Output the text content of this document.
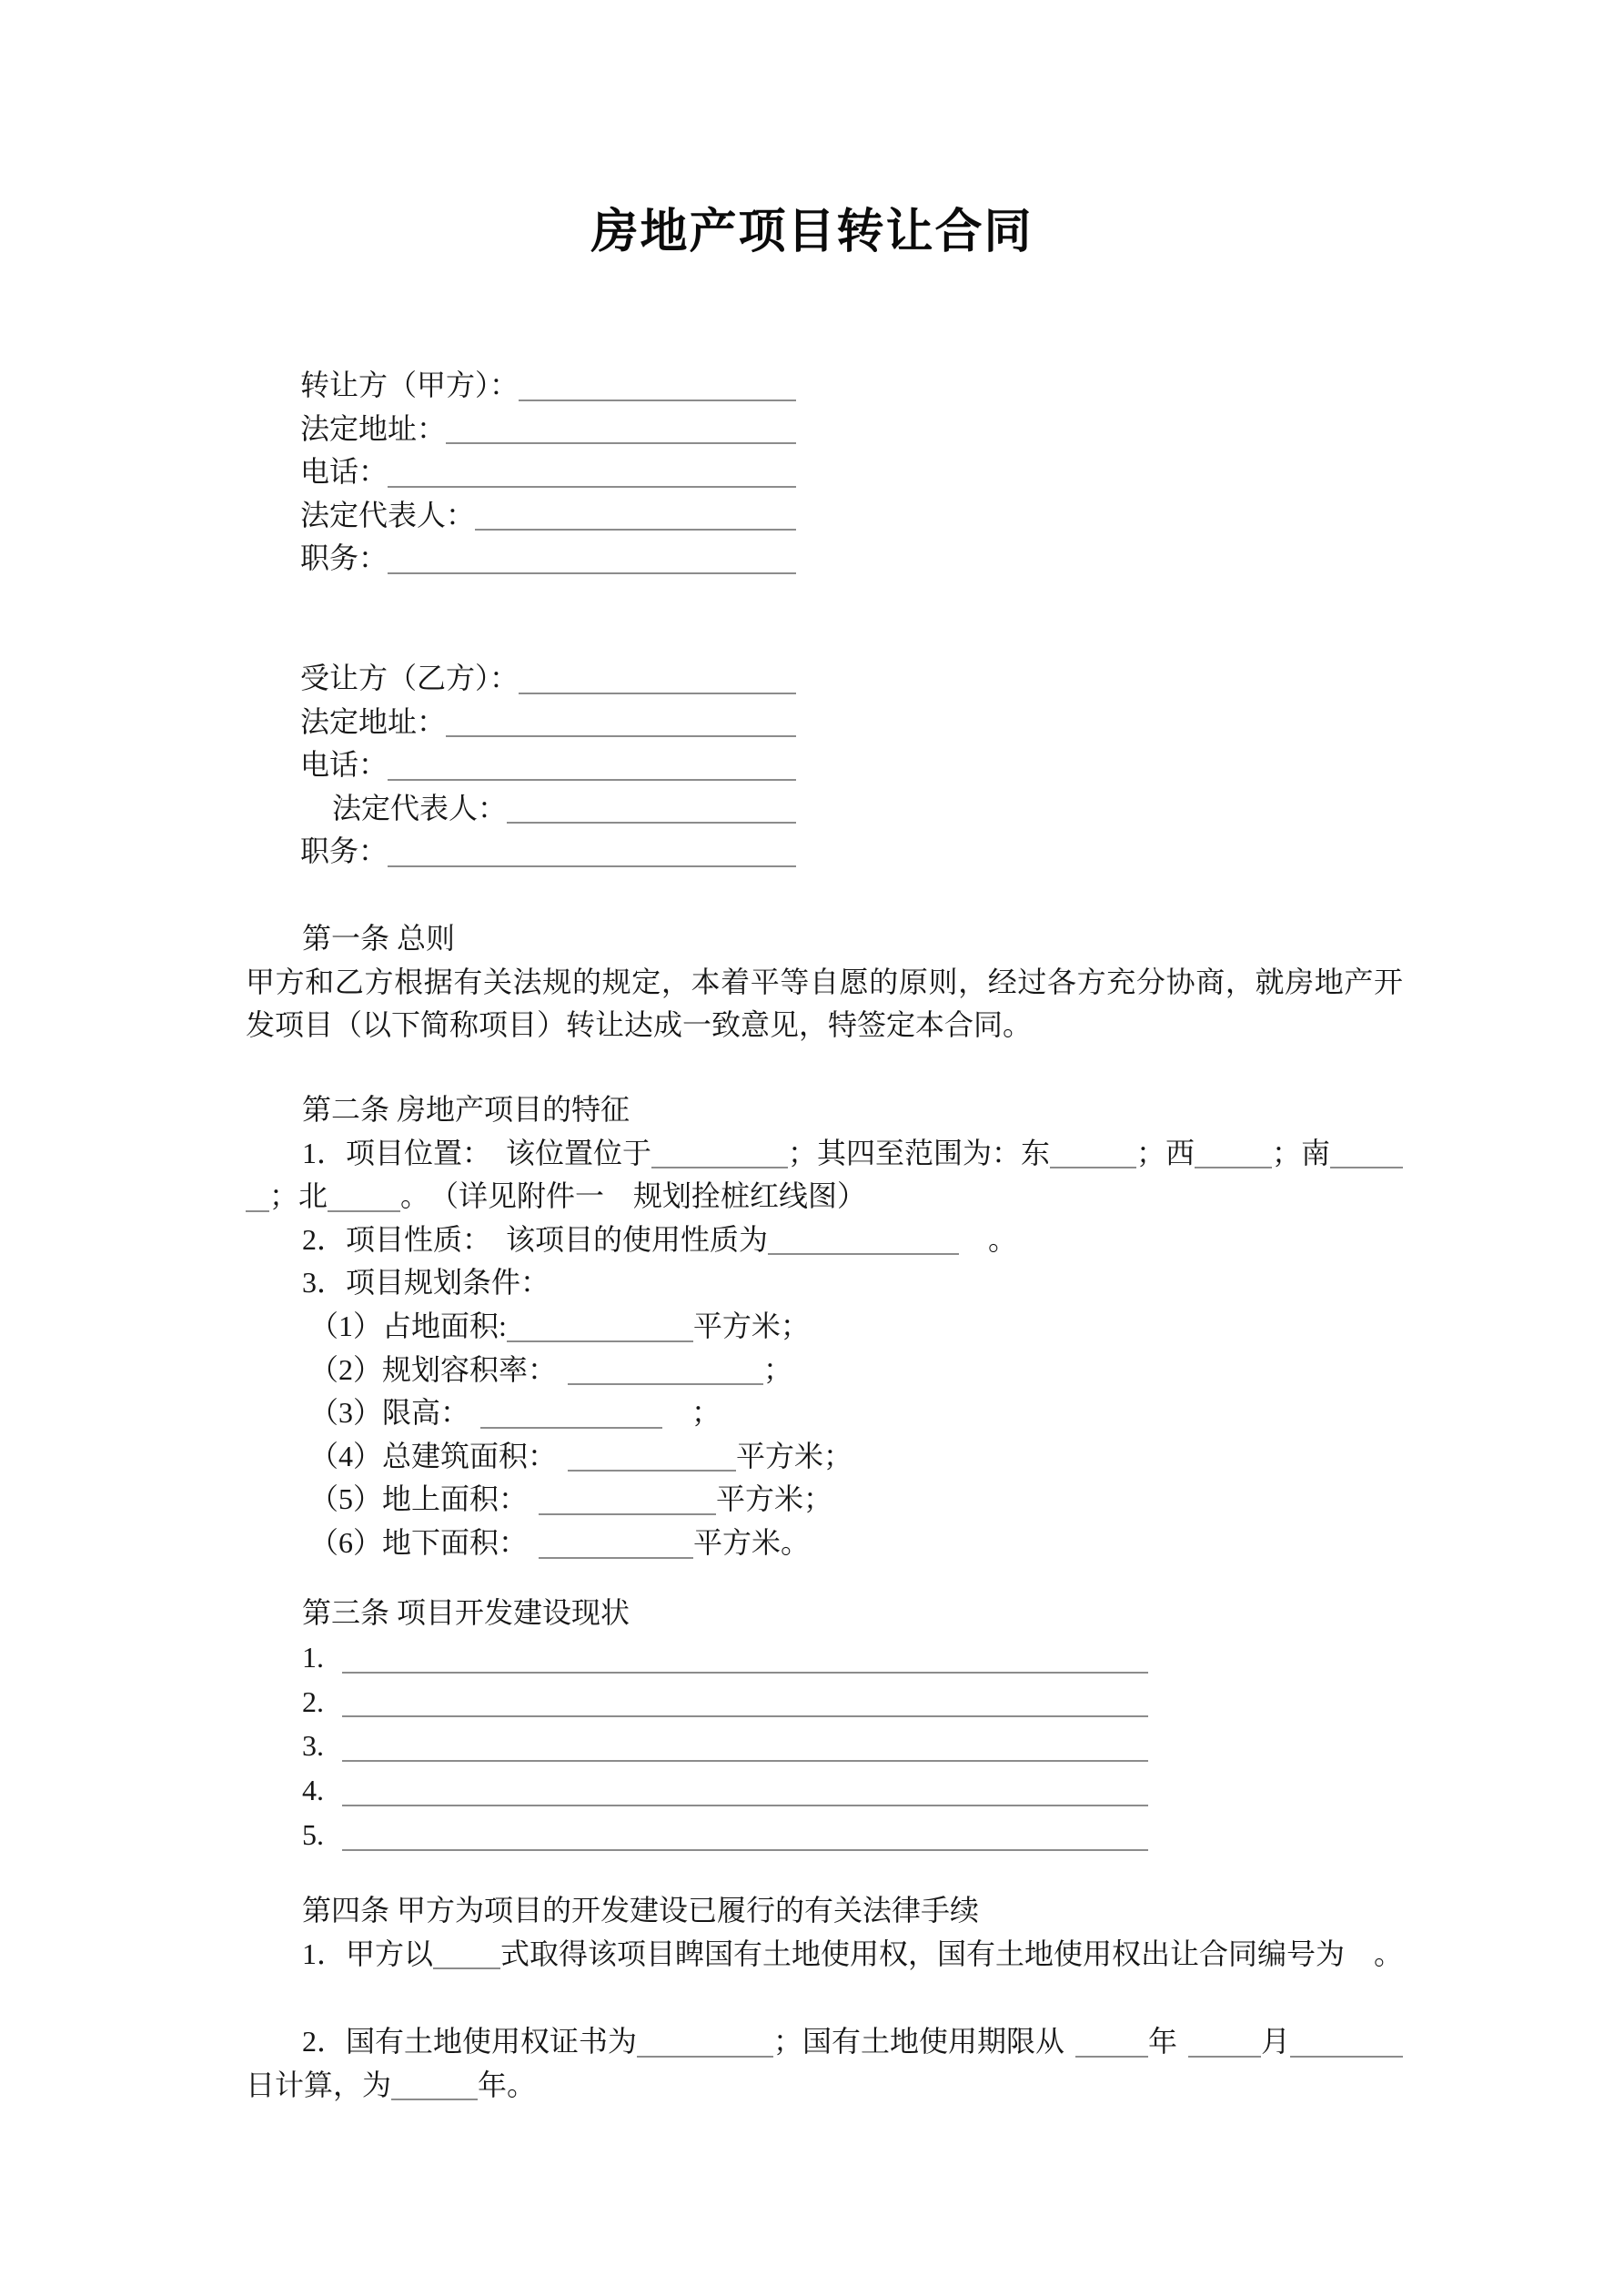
房地产项目转让合同
转让方（甲方）：
法定地址：
电话：
法定代表人：
职务：
受让方（乙方）：
法定地址：
电话：
法定代表人：
职务：
第一条 总则

甲方和乙方根据有关法规的规定，本着平等自愿的原则，经过各方充分协商，就房地产开发项目（以下简称项目）转让达成一致意见，特签定本合同。

第二条 房地产项目的特征
1．项目位置：　该位置位于	；其四至范围为：东	；西	；南
；北	。　（详见附件一　规划拴桩红线图）
2．项目性质：　该项目的使用性质为	　。
3．项目规划条件：
（1）占地面积:	平方米；
（2）规划容积率：	；
（3）限高：	　；
（4）总建筑面积：	平方米；
（5）地上面积：	平方米；
（6）地下面积：	平方米。
第三条 项目开发建设现状
1.
2.
3.
4.
5.
第四条 甲方为项目的开发建设已履行的有关法律手续
1．甲方以 式取得该项目睥国有土地使用权，国有土地使用权出让合同编号为　。
2．国有土地使用权证书为	；国有土地使用期限从	年	月
日计算，为	年。
